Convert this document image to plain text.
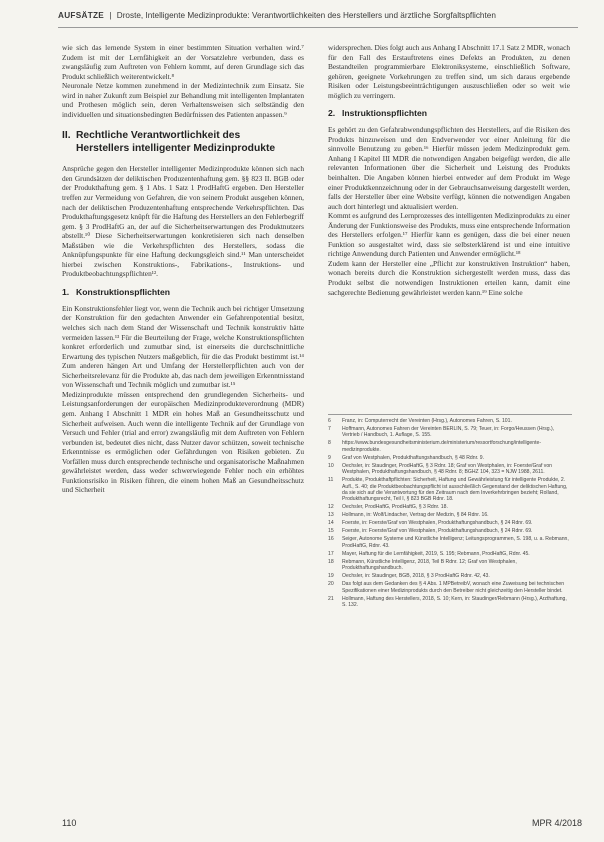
AUFSÄTZE | Droste, Intelligente Medizinprodukte: Verantwortlichkeiten des Herstellers und ärztliche Sorgfaltspflichten

wie sich das lernende System in einer bestimmten Situation verhalten wird.⁷ Zudem ist mit der Lernfähigkeit an der Vorsatzlehre verbunden, dass es zwangsläufig zum Auftreten von Fehlern kommt, auf deren Grundlage sich das Produkt schließlich weiterentwickelt.⁸

Neuronale Netze kommen zunehmend in der Medizintechnik zum Einsatz. Sie wird in naher Zukunft zum Beispiel zur Behandlung mit intelligenten Implantaten und Prothesen möglich sein, deren Verhaltensweisen sich selbständig den individuellen und situationsbedingten Bedürfnissen des Patienten anpassen.⁹

II. Rechtliche Verantwortlichkeit des
Herstellers intelligenter Medizinprodukte

Ansprüche gegen den Hersteller intelligenter Medizinprodukte können sich nach den Grundsätzen der deliktischen Produzentenhaftung gem. §§ 823 II. BGB oder der Produkthaftung gem. § 1 Abs. 1 Satz 1 ProdHaftG ergeben. Den Hersteller treffen zur Vermeidung von Gefahren, die von seinem Produkt ausgehen können, nach der deliktischen Produzentenhaftung entsprechende Verkehrspflichten. Das Produkthaftungsgesetz knüpft für die Haftung des Herstellers an den Fehlerbegriff gem. § 3 ProdHaftG an, der auf die Sicherheitserwartungen des Produktnutzers abstellt.¹⁰ Diese Sicherheitserwartungen konkretisieren sich nach denselben Maßstäben wie die Verkehrspflichten des Herstellers, sodass die Anknüpfungspunkte für eine Haftung deckungsgleich sind.¹¹ Man unterscheidet hierbei zwischen Konstruktions-, Fabrikations-, Instruktions- und Produktbeobachtungspflichten¹².

1. Konstruktionspflichten

Ein Konstruktionsfehler liegt vor, wenn die Technik auch bei richtiger Umsetzung der Konstruktion für den gedachten Anwender ein Gefahrenpotential besitzt, welches sich nach dem Stand der Wissenschaft und Technik konstruktiv hätte vermeiden lassen.¹³ Für die Beurteilung der Frage, welche Konstruktionspflichten konkret erforderlich und zumutbar sind, ist einerseits die durchschnittliche Erwartung des typischen Nutzers maßgeblich, für die das Produkt bestimmt ist.¹⁴ Zum anderen hängen Art und Umfang der Herstellerpflichten auch von der Sicherheitsrelevanz für die Produkte ab, das nach dem jeweiligen Erkenntnisstand von Wissenschaft und Technik möglich und zumutbar ist.¹⁵

Medizinprodukte müssen entsprechend den grundlegenden Sicherheits- und Leistungsanforderungen der europäischen Medizinprodukteverordnung (MDR) gem. Anhang I Abschnitt 1 MDR ein hohes Maß an Gesundheitsschutz und Sicherheit aufweisen. Auch wenn die intelligente Technik auf der Grundlage von Versuch und Fehler (trial and error) zwangsläufig mit dem Auftreten von Fehlern verbunden ist, bedeutet dies nicht, dass Nutzer davor schützen, soweit technische Erkenntnisse es ermöglichen oder Gefährdungen von Risiken gebieten. Zu Vorfällen muss durch entsprechende technische und organisatorische Maßnahmen gewährleistet werden, dass weder schwerwiegende Fehler noch ein erhöhtes Funktionsrisiko in Risiken führen, die einem hohen Maß an Gesundheitsschutz und Sicherheit

widersprechen. Dies folgt auch aus Anhang I Abschnitt 17.1 Satz 2 MDR, wonach für den Fall des Erstauftretens eines Defekts an Produkten, zu denen Bestandteilen programmierbare Elektroniksysteme, einschließlich Software, gehören, geeignete Vorkehrungen zu treffen sind, um sich daraus ergebende Risiken oder Leistungsbeeinträchtigungen auszuschließen oder so weit wie möglich zu verringern.

2. Instruktionspflichten

Es gehört zu den Gefahrabwendungspflichten des Herstellers, auf die Risiken des Produkts hinzuweisen und den Endverwender vor einer Anleitung für die sinnvolle Benutzung zu geben.¹⁶ Hierfür müssen jedem Medizinprodukt gem. Anhang I Kapitel III MDR die notwendigen Angaben beigefügt werden, die alle relevanten Informationen über die Sicherheit und Leistung des Produkts beinhalten. Die Angaben können hierbei entweder auf dem Produkt im Wege einer Produktkennzeichnung oder in der Gebrauchsanweisung dargestellt werden, falls der Hersteller über eine Website verfügt, können die notwendigen Angaben auch dort hinterlegt und aktualisiert werden.

Kommt es aufgrund des Lernprozesses des intelligenten Medizinprodukts zu einer Änderung der Funktionsweise des Produkts, muss eine entsprechende Information des Herstellers erfolgen.¹⁷ Hierfür kann es genügen, dass die bei einer neuen Funktion so ausgestaltet wird, dass sie selbsterklärend ist und eine intuitive richtige Anwendung durch Patienten und Anwender ermöglicht.¹⁸

Zudem kann der Hersteller eine „Pflicht zur konstruktiven Instruktion“ haben, wonach bereits durch die Konstruktion sichergestellt werden muss, dass das Produkt selbst die notwendigen Instruktionen erteilen kann, damit eine sachgerechte Bedienung gewährleistet werden kann.¹⁹ Eine solche

6	Franz, in: Computerrecht der Vereinten (Hrsg.), Autonomes Fahren, S. 101.
7	Hoffmann, Autonomes Fahren der Vereinten BERLIN, S. 79; Teuer, in: Forgo/Heussen (Hrsg.), Vertrieb / Handbuch, 1. Auflage, S. 155.
8	https://www.bundesgesundheitsministerium.de/ministerium/ressortforschung/intelligente-medizinprodukte.
9	Graf von Westphalen, Produkthaftungshandbuch, § 48 Rdnr. 9.
10	Oechsler, in: Staudinger, ProdHaftG, § 3 Rdnr. 18; Graf von Westphalen, in: Foerste/Graf von Westphalen, Produkthaftungshandbuch, § 48 Rdnr. 8; BGHZ 104, 323 = NJW 1988, 2611.
11	Produkte, Produkthaftpflichten: Sicherheit, Haftung und Gewährleistung für intelligente Produkte, 2. Aufl., S. 40; die Produktbeobachtungspflicht ist ausschließlich Gegenstand der deliktischen Haftung, da sie sich auf die Verantwortung für den Zeitraum nach dem Inverkehrbringen bezieht; Rolland, Produkthaftungsrecht, Teil I, § 823 BGB Rdnr. 18.
12	Oechsler, ProdHaftG, ProdHaftG, § 3 Rdnr. 18.
13	Hollmann, in: Wolf/Lindacher, Vertrag der Medizin, § 84 Rdnr. 16.
14	Foerste, in: Foerste/Graf von Westphalen, Produkthaftungshandbuch, § 24 Rdnr. 69.
15	Foerste, in: Foerste/Graf von Westphalen, Produkthaftungshandbuch, § 24 Rdnr. 69.
16	Seiger, Autonome Systeme und Künstliche Intelligenz; Leitungsprogrammen, S. 198, u. a. Rebmann, ProdHaftG, Rdnr. 43.
17	Mayer, Haftung für die Lernfähigkeit, 2019, S. 195; Rebmann, ProdHaftG, Rdnr. 45.
18	Rebmann, Künstliche Intelligenz, 2018, Teil B Rdnr. 12; Graf von Westphalen, Produkthaftungshandbuch.
19	Oechsler, in: Staudinger, BGB, 2018, § 3 ProdHaftG Rdnr. 42, 43.
20	Das folgt aus dem Gedanken des § 4 Abs. 1 MPBetreibV, wonach eine Zuweisung bei technischen Spezifikationen einer Medizinprodukts durch den Betreiber nicht gleichzeitig den Hersteller bindet.
21	Hollmann, Haftung des Herstellers, 2018, S. 10; Kern, in: Staudinger/Rebmann (Hrsg.), Arzthaftung, S. 132.
110	MPR 4/2018
